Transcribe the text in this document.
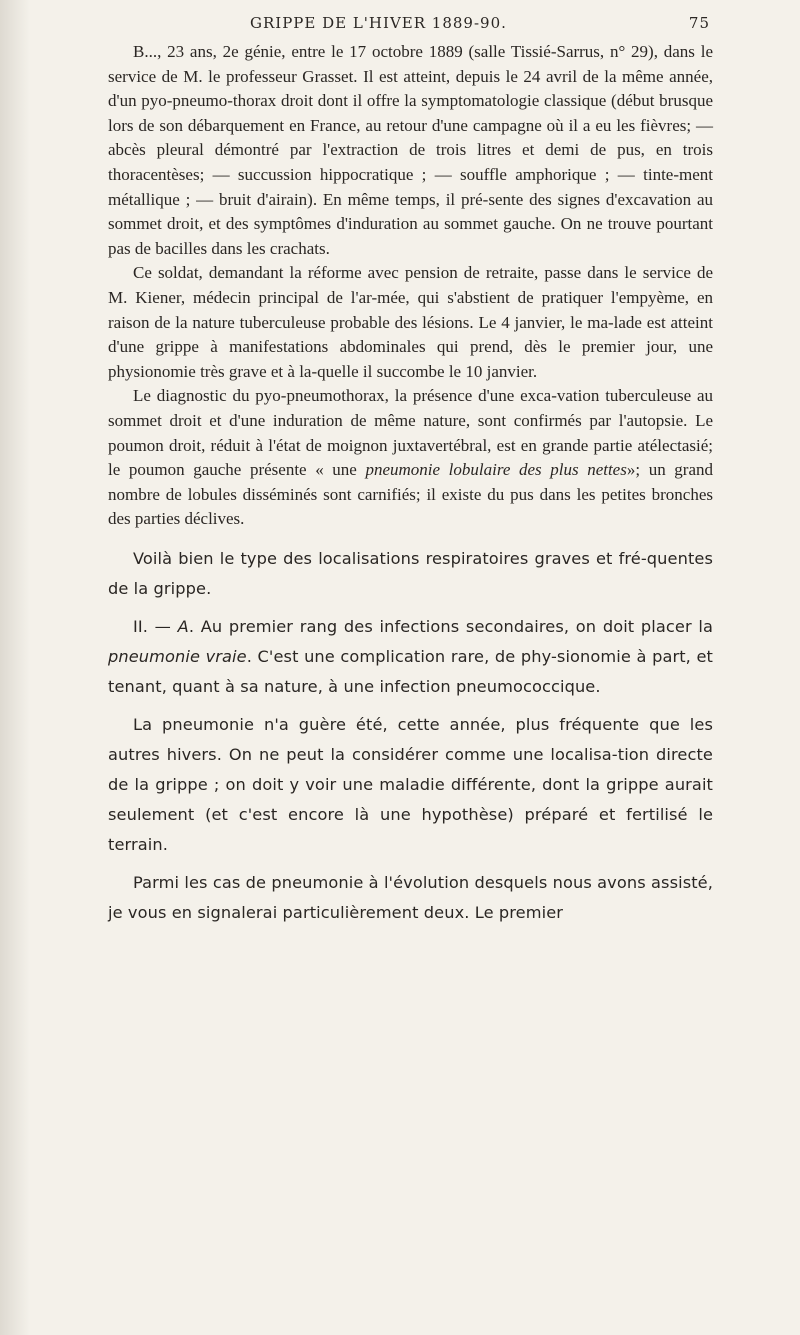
GRIPPE DE L'HIVER 1889-90.	75

B..., 23 ans, 2e génie, entre le 17 octobre 1889 (salle Tissié-Sarrus, n° 29), dans le service de M. le professeur Grasset. Il est atteint, depuis le 24 avril de la même année, d'un pyo-pneumo-thorax droit dont il offre la symptomatologie classique (début brusque lors de son débarquement en France, au retour d'une campagne où il a eu les fièvres; — abcès pleural démontré par l'extraction de trois litres et demi de pus, en trois thoracentèses; — succussion hippocratique ; — souffle amphorique ; — tinte-ment métallique ; — bruit d'airain). En même temps, il pré-sente des signes d'excavation au sommet droit, et des symptômes d'induration au sommet gauche. On ne trouve pourtant pas de bacilles dans les crachats.

Ce soldat, demandant la réforme avec pension de retraite, passe dans le service de M. Kiener, médecin principal de l'ar-mée, qui s'abstient de pratiquer l'empyème, en raison de la nature tuberculeuse probable des lésions. Le 4 janvier, le ma-lade est atteint d'une grippe à manifestations abdominales qui prend, dès le premier jour, une physionomie très grave et à la-quelle il succombe le 10 janvier.

Le diagnostic du pyo-pneumothorax, la présence d'une exca-vation tuberculeuse au sommet droit et d'une induration de même nature, sont confirmés par l'autopsie. Le poumon droit, réduit à l'état de moignon juxtavertébral, est en grande partie atélectasié; le poumon gauche présente « une pneumonie lobulaire des plus nettes»; un grand nombre de lobules disséminés sont carnifiés; il existe du pus dans les petites bronches des parties déclives.

Voilà bien le type des localisations respiratoires graves et fré-quentes de la grippe.

II. — A. Au premier rang des infections secondaires, on doit placer la pneumonie vraie. C'est une complication rare, de phy-sionomie à part, et tenant, quant à sa nature, à une infection pneumococcique.

La pneumonie n'a guère été, cette année, plus fréquente que les autres hivers. On ne peut la considérer comme une localisa-tion directe de la grippe ; on doit y voir une maladie différente, dont la grippe aurait seulement (et c'est encore là une hypothèse) préparé et fertilisé le terrain.

Parmi les cas de pneumonie à l'évolution desquels nous avons assisté, je vous en signalerai particulièrement deux. Le premier
